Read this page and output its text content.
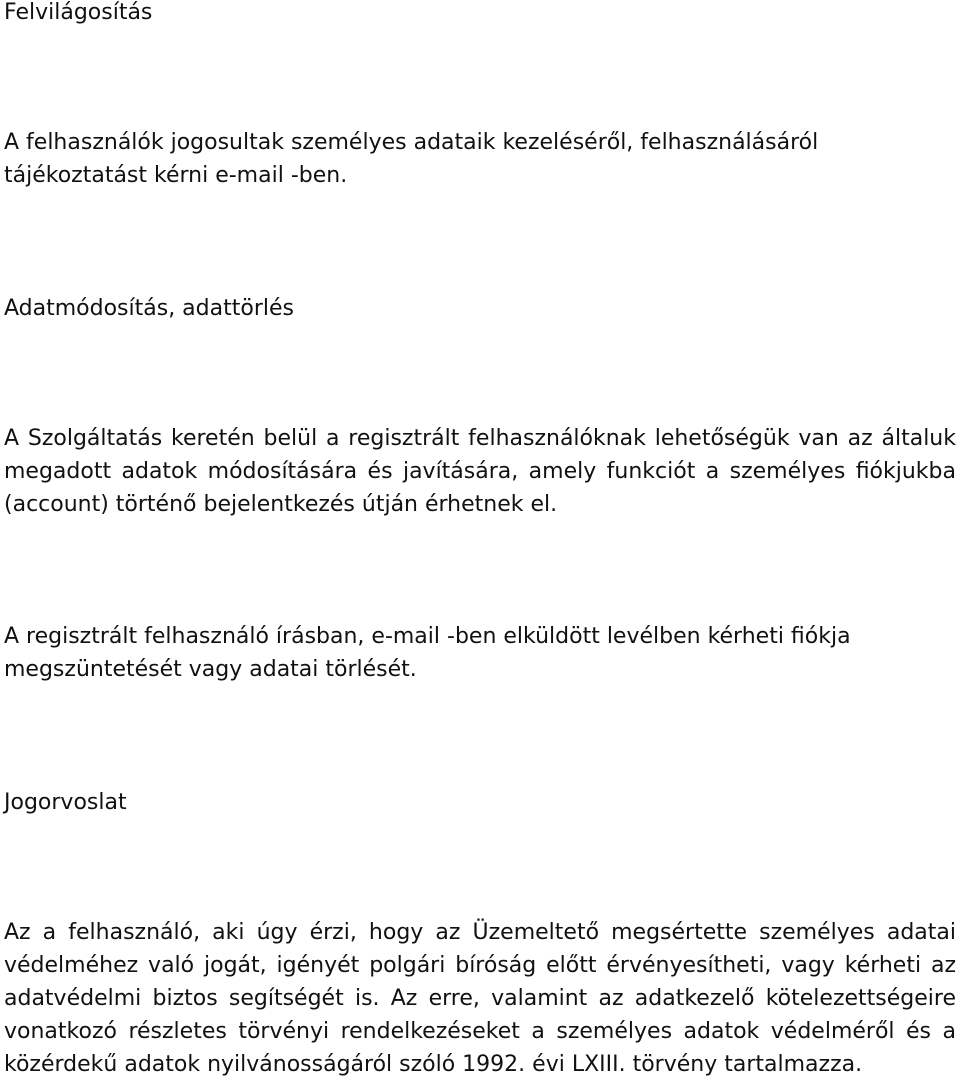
Felvilágosítás

A felhasználók jogosultak személyes adataik kezeléséről, felhasználásáról tájékoztatást kérni e-mail -ben.

Adatmódosítás, adattörlés

A Szolgáltatás keretén belül a regisztrált felhasználóknak lehetőségük van az általuk megadott adatok módosítására és javítására, amely funkciót a személyes fiókjukba (account) történő bejelentkezés útján érhetnek el.

A regisztrált felhasználó írásban, e-mail -ben elküldött levélben kérheti fiókja megszüntetését vagy adatai törlését.

Jogorvoslat

Az a felhasználó, aki úgy érzi, hogy az Üzemeltető megsértette személyes adatai védelméhez való jogát, igényét polgári bíróság előtt érvényesítheti, vagy kérheti az adatvédelmi biztos segítségét is. Az erre, valamint az adatkezelő kötelezettségeire vonatkozó részletes törvényi rendelkezéseket a személyes adatok védelméről és a közérdekű adatok nyilvánosságáról szóló 1992. évi LXIII. törvény tartalmazza.
